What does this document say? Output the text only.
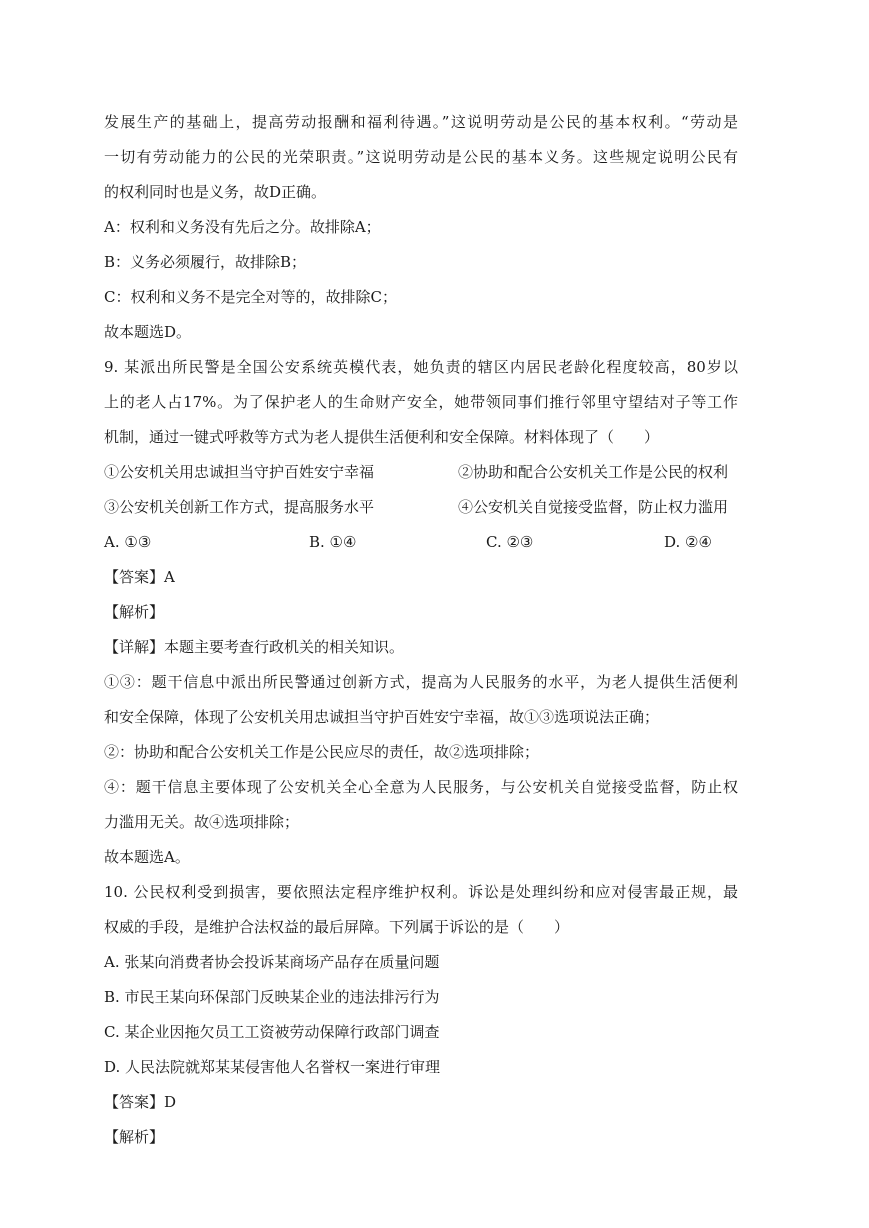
发展生产的基础上，提高劳动报酬和福利待遇。”这说明劳动是公民的基本权利。“劳动是
一切有劳动能力的公民的光荣职责。”这说明劳动是公民的基本义务。这些规定说明公民有
的权利同时也是义务，故D正确。
A：权利和义务没有先后之分。故排除A；
B：义务必须履行，故排除B；
C：权利和义务不是完全对等的，故排除C；
故本题选D。
9. 某派出所民警是全国公安系统英模代表，她负责的辖区内居民老龄化程度较高，80岁以
上的老人占17%。为了保护老人的生命财产安全，她带领同事们推行邻里守望结对子等工作
机制，通过一键式呼救等方式为老人提供生活便利和安全保障。材料体现了（　　）
①公安机关用忠诚担当守护百姓安宁幸福	②协助和配合公安机关工作是公民的权利
③公安机关创新工作方式，提高服务水平	④公安机关自觉接受监督，防止权力滥用
A. ①③	B. ①④	C. ②③	D. ②④
【答案】A
【解析】
【详解】本题主要考查行政机关的相关知识。
①③：题干信息中派出所民警通过创新方式，提高为人民服务的水平，为老人提供生活便利
和安全保障，体现了公安机关用忠诚担当守护百姓安宁幸福，故①③选项说法正确；
②：协助和配合公安机关工作是公民应尽的责任，故②选项排除；
④：题干信息主要体现了公安机关全心全意为人民服务，与公安机关自觉接受监督，防止权
力滥用无关。故④选项排除；
故本题选A。
10. 公民权利受到损害，要依照法定程序维护权利。诉讼是处理纠纷和应对侵害最正规，最
权威的手段，是维护合法权益的最后屏障。下列属于诉讼的是（　　）
A. 张某向消费者协会投诉某商场产品存在质量问题
B. 市民王某向环保部门反映某企业的违法排污行为
C. 某企业因拖欠员工工资被劳动保障行政部门调查
D. 人民法院就郑某某侵害他人名誉权一案进行审理
【答案】D
【解析】
